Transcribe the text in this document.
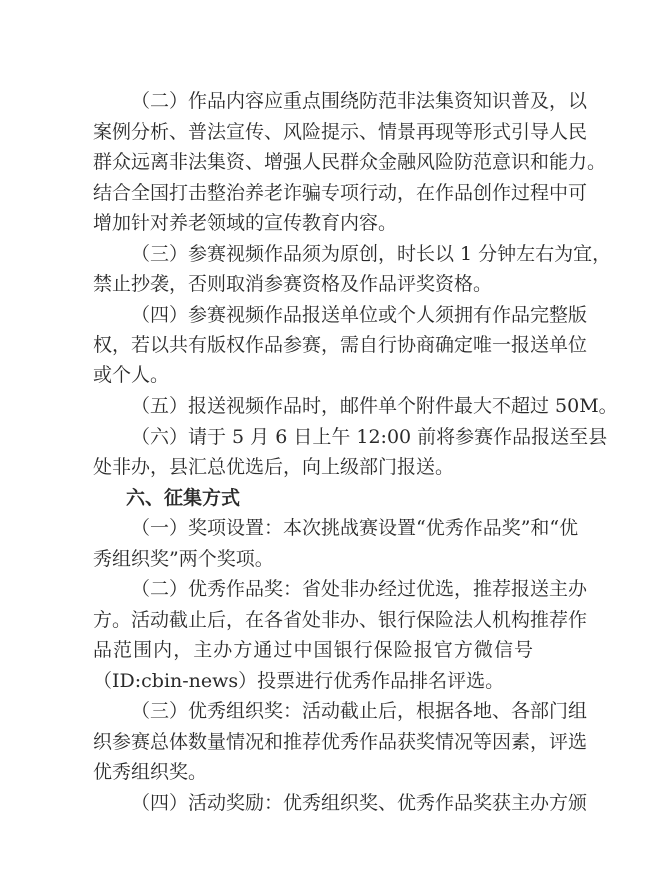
（二）作品内容应重点围绕防范非法集资知识普及，以
案例分析、普法宣传、风险提示、情景再现等形式引导人民
群众远离非法集资、增强人民群众金融风险防范意识和能力。
结合全国打击整治养老诈骗专项行动，在作品创作过程中可
增加针对养老领域的宣传教育内容。
（三）参赛视频作品须为原创，时长以 1 分钟左右为宜，
禁止抄袭，否则取消参赛资格及作品评奖资格。
（四）参赛视频作品报送单位或个人须拥有作品完整版
权，若以共有版权作品参赛，需自行协商确定唯一报送单位
或个人。
（五）报送视频作品时，邮件单个附件最大不超过 50M。
（六）请于 5 月 6 日上午 12:00 前将参赛作品报送至县
处非办，县汇总优选后，向上级部门报送。
六、征集方式
（一）奖项设置：本次挑战赛设置“优秀作品奖”和“优
秀组织奖”两个奖项。
（二）优秀作品奖：省处非办经过优选，推荐报送主办
方。活动截止后，在各省处非办、银行保险法人机构推荐作
品范围内，主办方通过中国银行保险报官方微信号
（ID:cbin-news）投票进行优秀作品排名评选。
（三）优秀组织奖：活动截止后，根据各地、各部门组
织参赛总体数量情况和推荐优秀作品获奖情况等因素，评选
优秀组织奖。
（四）活动奖励：优秀组织奖、优秀作品奖获主办方颁
